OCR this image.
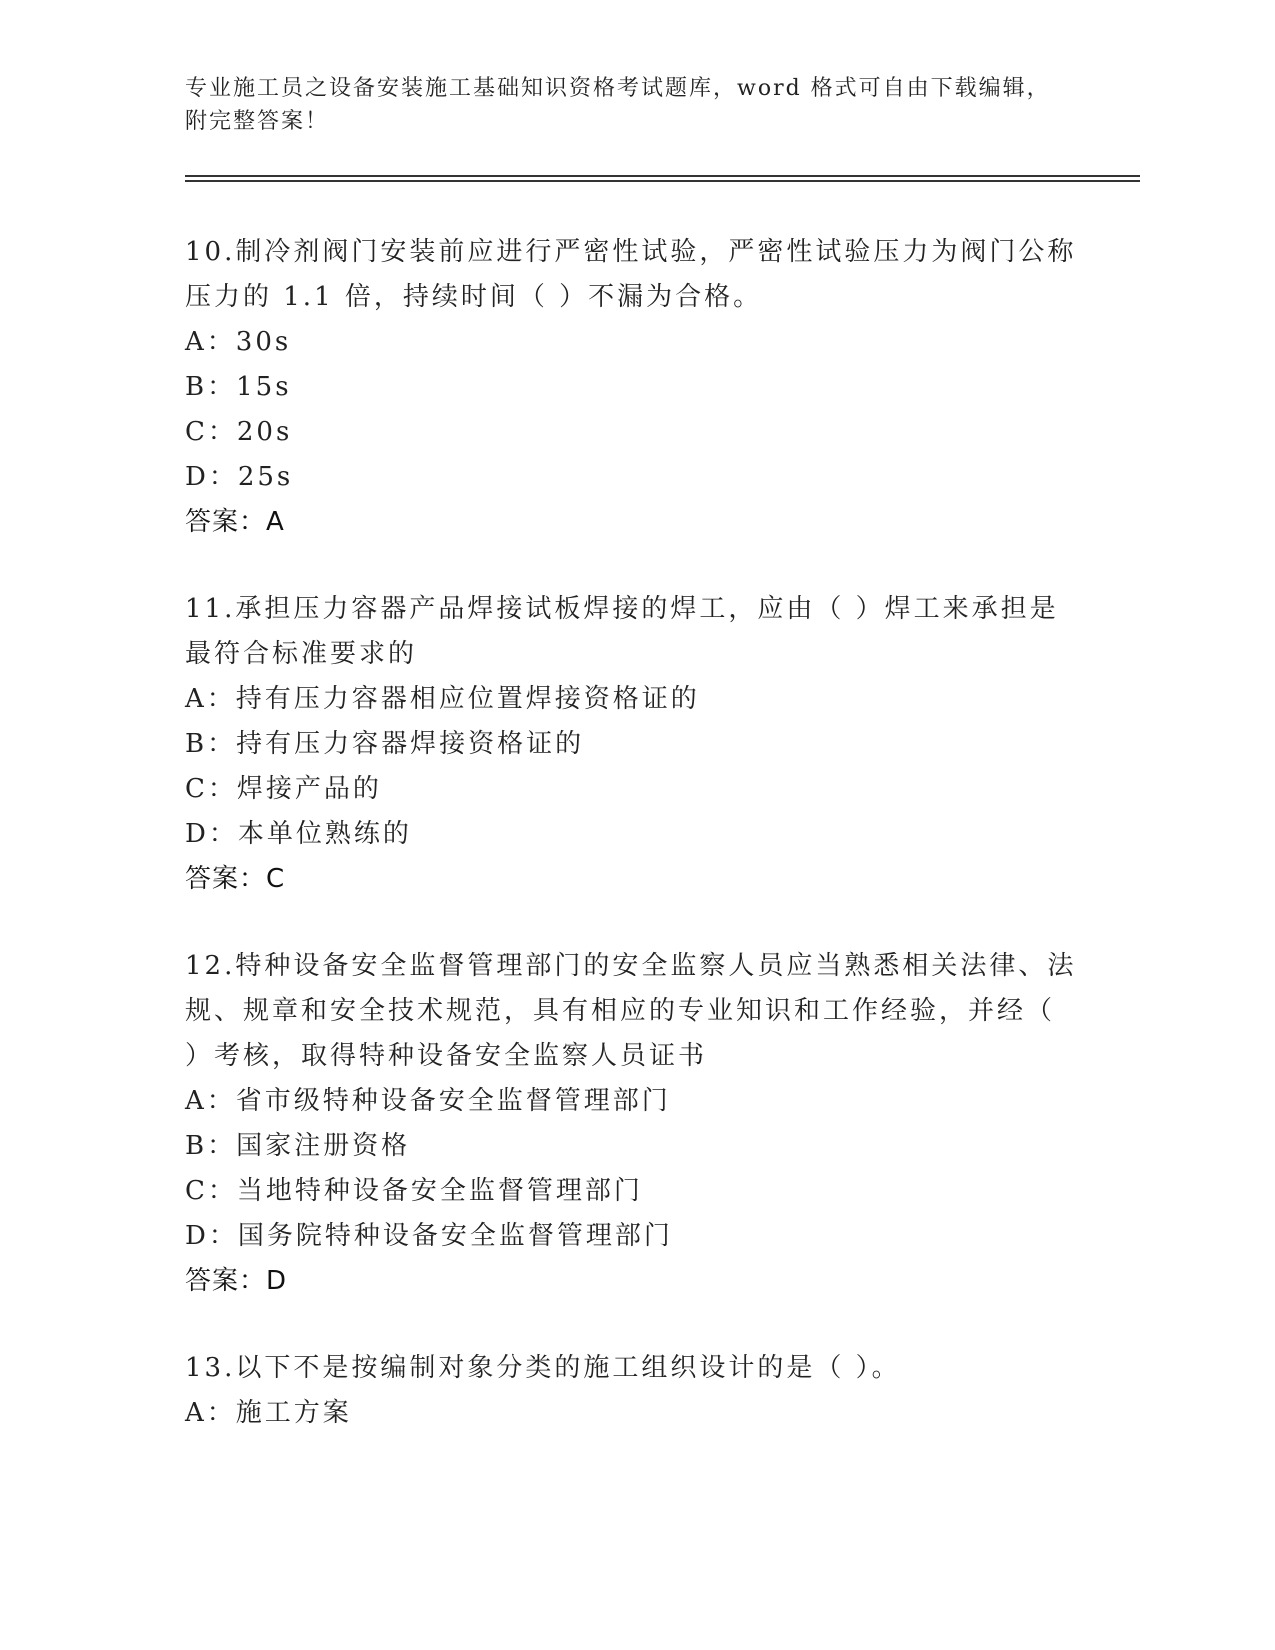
专业施工员之设备安装施工基础知识资格考试题库，word 格式可自由下载编辑，
附完整答案！
10.制冷剂阀门安装前应进行严密性试验，严密性试验压力为阀门公称
压力的 1.1 倍，持续时间（ ）不漏为合格。
A：30s
B：15s
C：20s
D：25s
答案：A
11.承担压力容器产品焊接试板焊接的焊工，应由（ ）焊工来承担是
最符合标准要求的
A：持有压力容器相应位置焊接资格证的
B：持有压力容器焊接资格证的
C：焊接产品的
D：本单位熟练的
答案：C
12.特种设备安全监督管理部门的安全监察人员应当熟悉相关法律、法
规、规章和安全技术规范，具有相应的专业知识和工作经验，并经（
）考核，取得特种设备安全监察人员证书
A：省市级特种设备安全监督管理部门
B：国家注册资格
C：当地特种设备安全监督管理部门
D：国务院特种设备安全监督管理部门
答案：D
13.以下不是按编制对象分类的施工组织设计的是（ ）。
A：施工方案
